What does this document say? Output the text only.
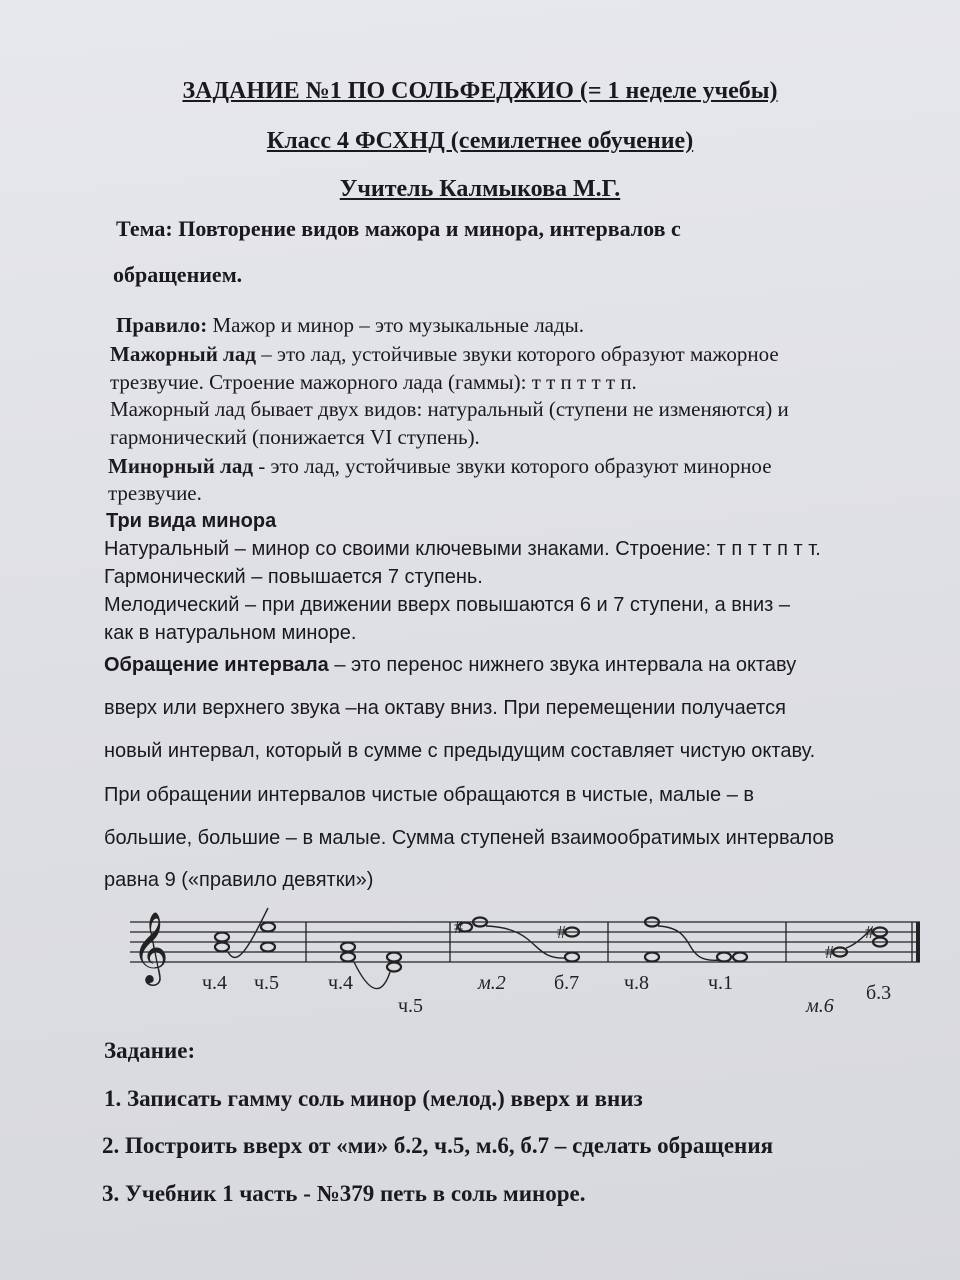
ЗАДАНИЕ №1 ПО СОЛЬФЕДЖИО (= 1 неделе учебы)
Класс 4 ФСХНД (семилетнее обучение)
Учитель Калмыкова М.Г.
Тема: Повторение видов мажора и минора, интервалов с
обращением.
Правило: Мажор и минор – это музыкальные лады.
Мажорный лад – это лад, устойчивые звуки которого образуют мажорное
трезвучие. Строение мажорного лада (гаммы): т т п т т т п.
Мажорный лад бывает двух видов: натуральный (ступени не изменяются) и
гармонический (понижается VI ступень).
Минорный лад - это лад, устойчивые звуки которого образуют минорное
трезвучие.
Три вида минора
Натуральный – минор со своими ключевыми знаками. Строение: т п т т п т т.
Гармонический – повышается 7 ступень.
Мелодический – при движении вверх повышаются 6 и 7 ступени, а вниз –
как в натуральном миноре.
Обращение интервала – это перенос нижнего звука интервала на октаву
вверх или верхнего звука –на октаву вниз. При перемещении получается
новый интервал, который в сумме с предыдущим составляет чистую октаву.
При обращении интервалов чистые обращаются в чистые, малые – в
большие, большие – в малые. Сумма ступеней взаимообратимых интервалов
равна 9 («правило девятки»)
𝄞	#	#
#
#
ч.4 ч.5 ч.4
ч.5
м.2 б.7 ч.8	ч.1
м.6
б.3
Задание:
1. Записать гамму соль минор (мелод.) вверх и вниз
2. Построить вверх от «ми» б.2, ч.5, м.6, б.7 – сделать обращения
3. Учебник 1 часть - №379 петь в соль миноре.
